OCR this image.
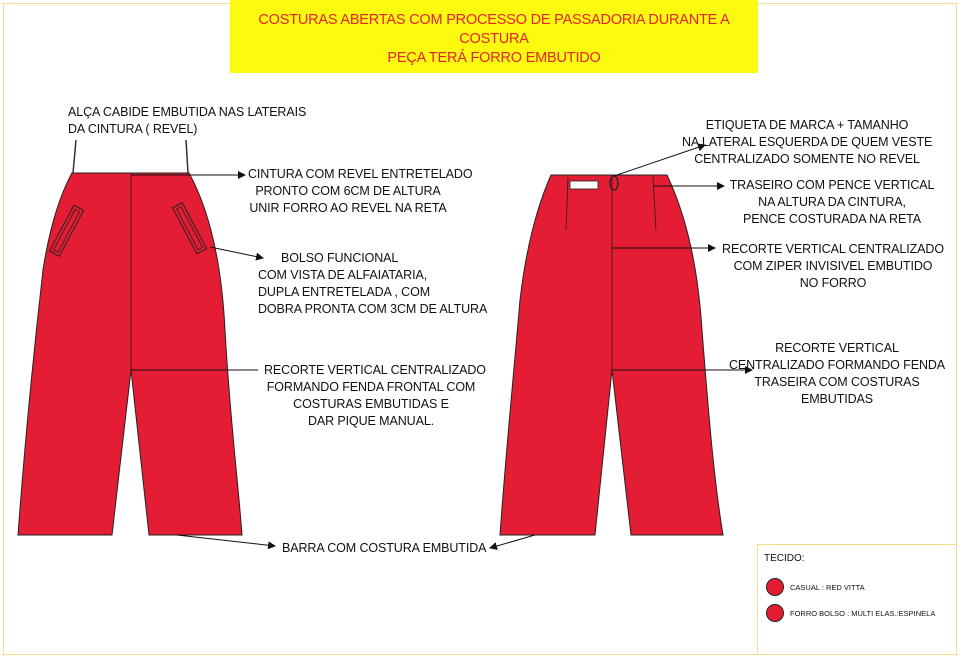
COSTURAS ABERTAS COM PROCESSO DE PASSADORIA DURANTE A COSTURA
PEÇA TERÁ FORRO EMBUTIDO
ALÇA CABIDE EMBUTIDA NAS LATERAIS
DA CINTURA ( REVEL)
CINTURA COM REVEL ENTRETELADO
PRONTO COM 6CM DE ALTURA
UNIR FORRO AO REVEL NA RETA
BOLSO FUNCIONAL
COM VISTA DE ALFAIATARIA,
DUPLA ENTRETELADA , COM
DOBRA PRONTA COM 3CM DE ALTURA
RECORTE VERTICAL CENTRALIZADO
FORMANDO FENDA FRONTAL COM
COSTURAS EMBUTIDAS E
DAR PIQUE MANUAL.
BARRA COM COSTURA EMBUTIDA
ETIQUETA DE MARCA + TAMANHO
NA LATERAL ESQUERDA DE QUEM VESTE
CENTRALIZADO SOMENTE NO REVEL
TRASEIRO COM PENCE VERTICAL
NA ALTURA DA CINTURA,
PENCE COSTURADA NA RETA
RECORTE VERTICAL CENTRALIZADO
COM ZIPER INVISIVEL EMBUTIDO
NO FORRO
RECORTE VERTICAL
CENTRALIZADO FORMANDO FENDA
TRASEIRA COM COSTURAS
EMBUTIDAS
TECIDO:
CASUAL : RED VITTA
FORRO BOLSO : MULTI ELAS.:ESPINELA
